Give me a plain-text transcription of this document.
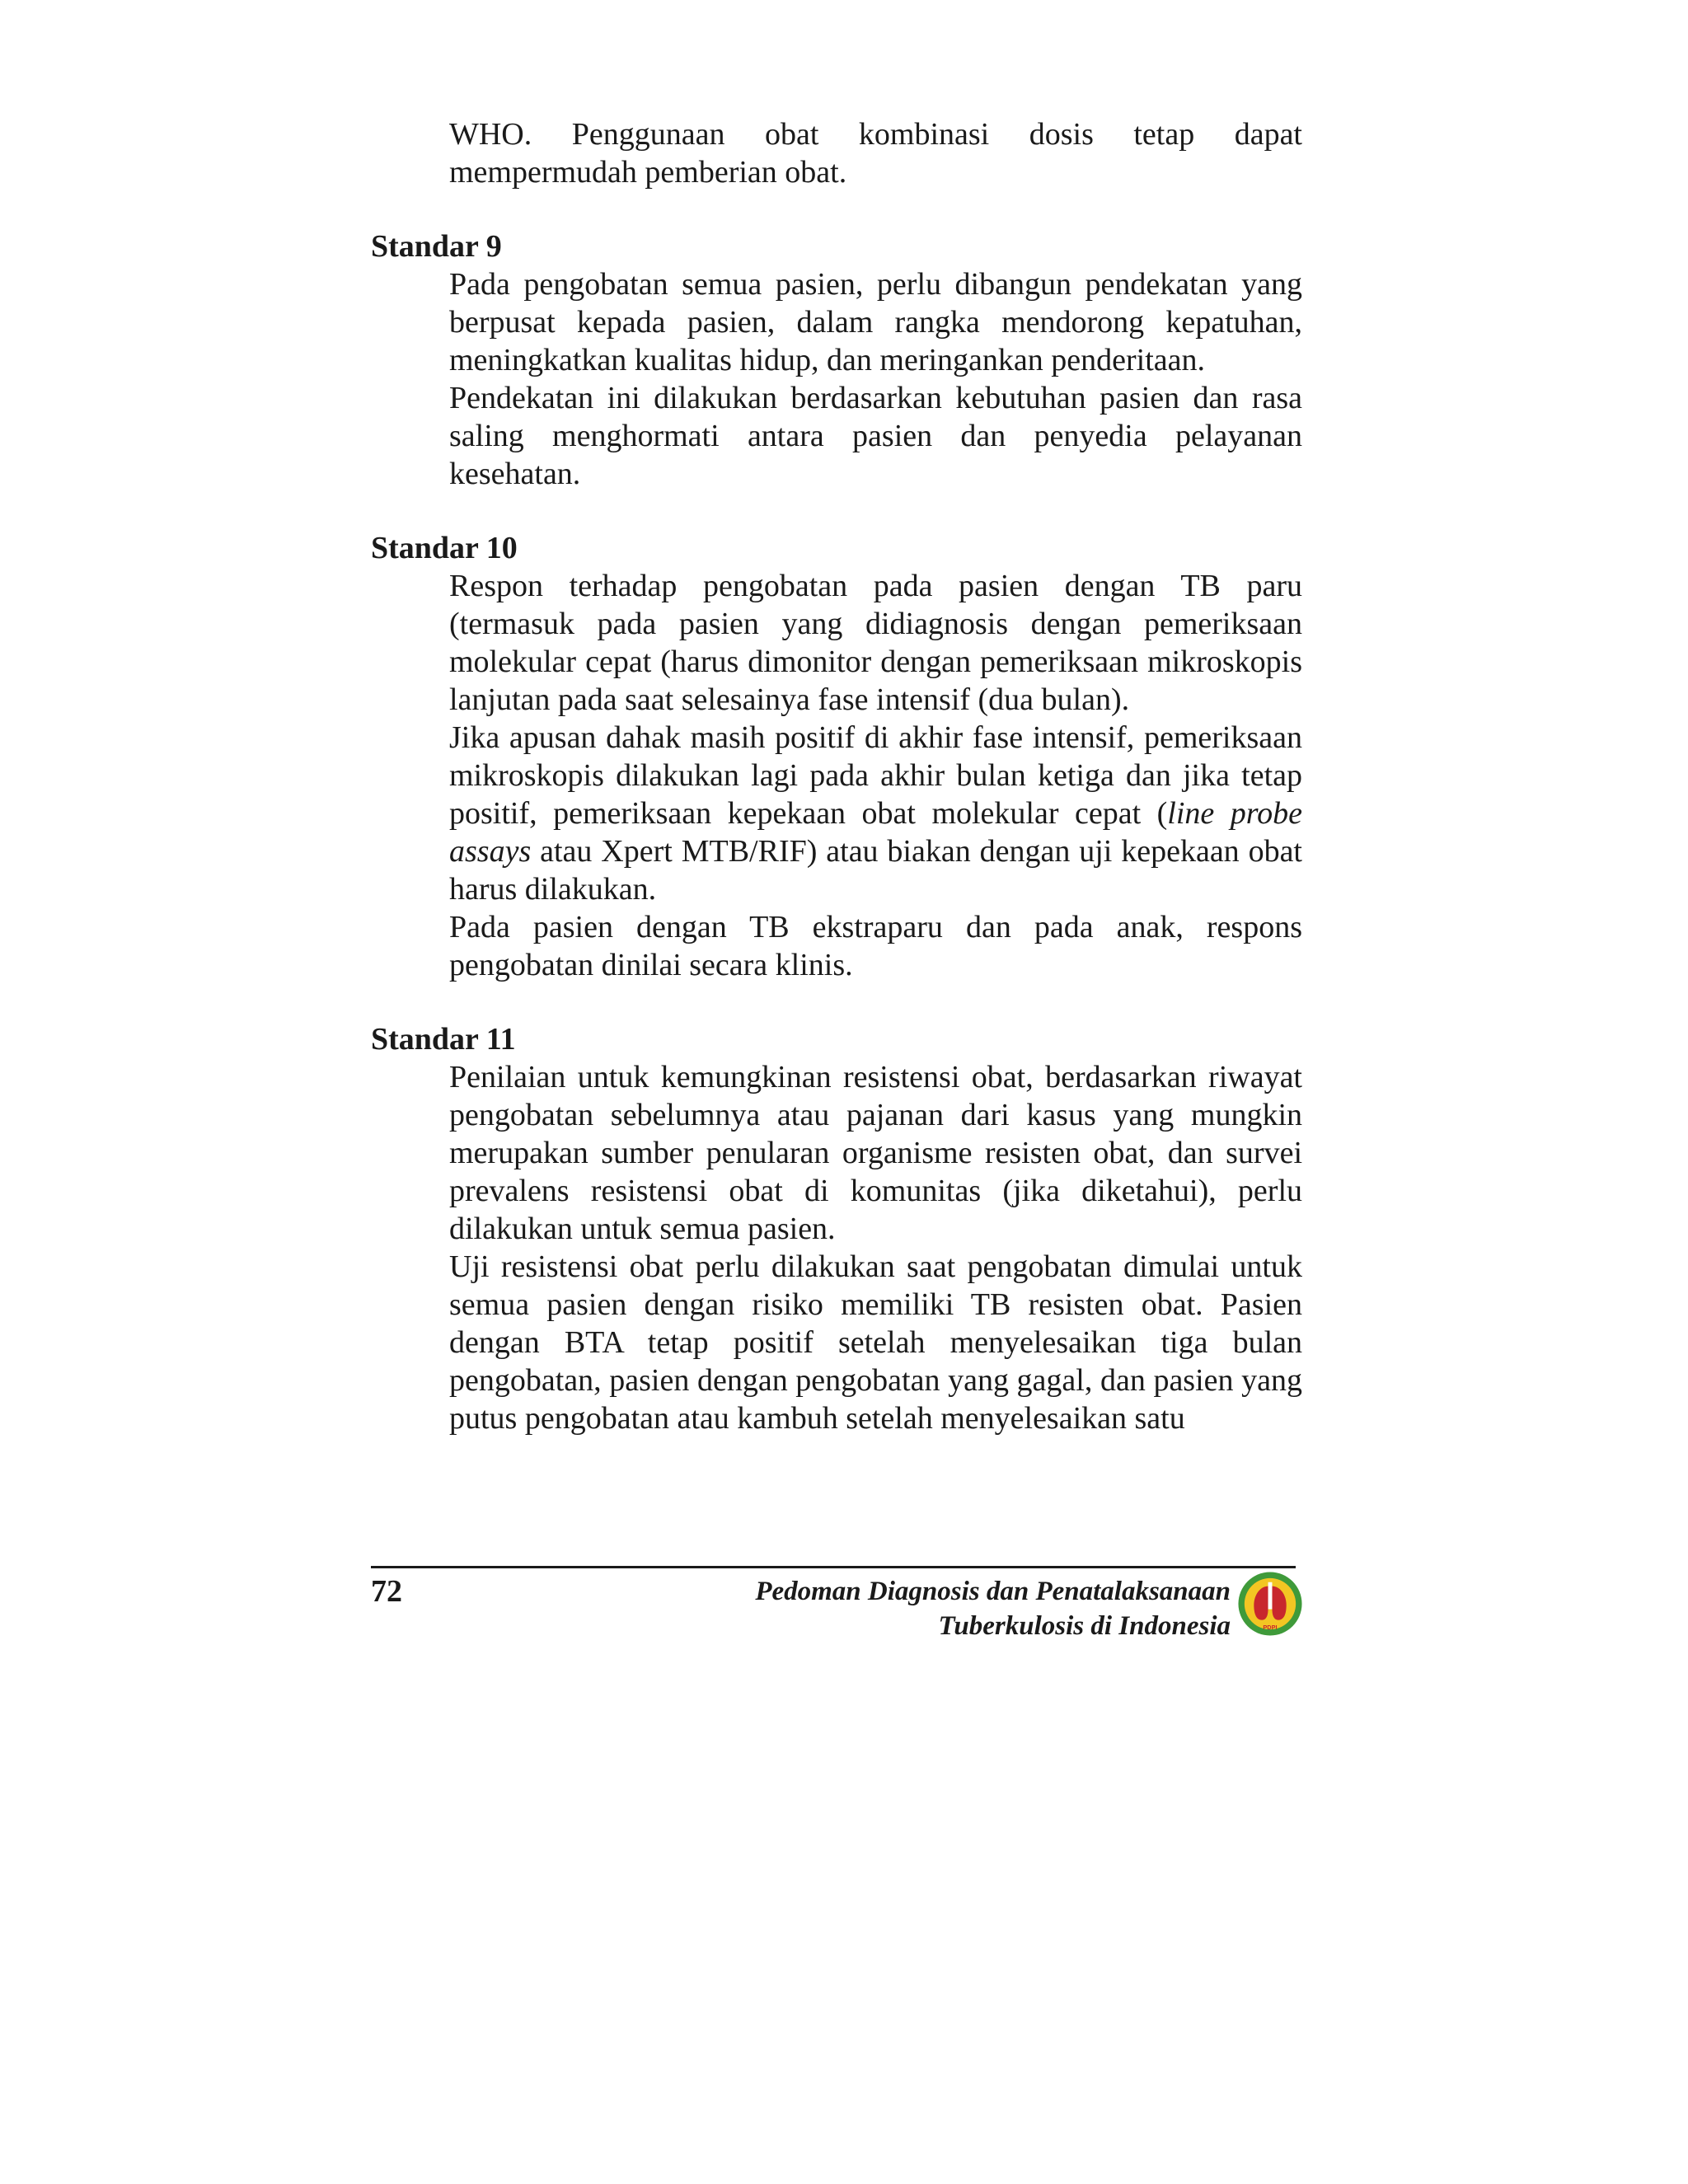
WHO. Penggunaan obat kombinasi dosis tetap dapat mempermudah pemberian obat.

Standar 9

Pada pengobatan semua pasien, perlu dibangun pendekatan yang berpusat kepada pasien, dalam rangka mendorong kepatuhan, meningkatkan kualitas hidup, dan meringankan penderitaan.

Pendekatan ini dilakukan berdasarkan kebutuhan pasien dan rasa saling menghormati antara pasien dan penyedia pelayanan kesehatan.

Standar 10

Respon terhadap pengobatan pada pasien dengan TB paru (termasuk pada pasien yang didiagnosis dengan pemeriksaan molekular cepat (harus dimonitor dengan pemeriksaan mikroskopis lanjutan pada saat selesainya fase intensif (dua bulan).

Jika apusan dahak masih positif di akhir fase intensif, pemeriksaan mikroskopis dilakukan lagi pada akhir bulan ketiga dan jika tetap positif, pemeriksaan kepekaan obat molekular cepat (line probe assays atau Xpert MTB/RIF) atau biakan dengan uji kepekaan obat harus dilakukan.

Pada pasien dengan TB ekstraparu dan pada anak, respons pengobatan dinilai secara klinis.

Standar 11

Penilaian untuk kemungkinan resistensi obat, berdasarkan riwayat pengobatan sebelumnya atau pajanan dari kasus yang mungkin merupakan sumber penularan organisme resisten obat, dan survei prevalens resistensi obat di komunitas (jika diketahui), perlu dilakukan untuk semua pasien.

Uji resistensi obat perlu dilakukan saat pengobatan dimulai untuk semua pasien dengan risiko memiliki TB resisten obat. Pasien dengan BTA tetap positif setelah menyelesaikan tiga bulan pengobatan, pasien dengan pengobatan yang gagal, dan pasien yang putus pengobatan atau kambuh setelah menyelesaikan satu

72	Pedoman Diagnosis dan Penatalaksanaan
Tuberkulosis di Indonesia	PDPI
